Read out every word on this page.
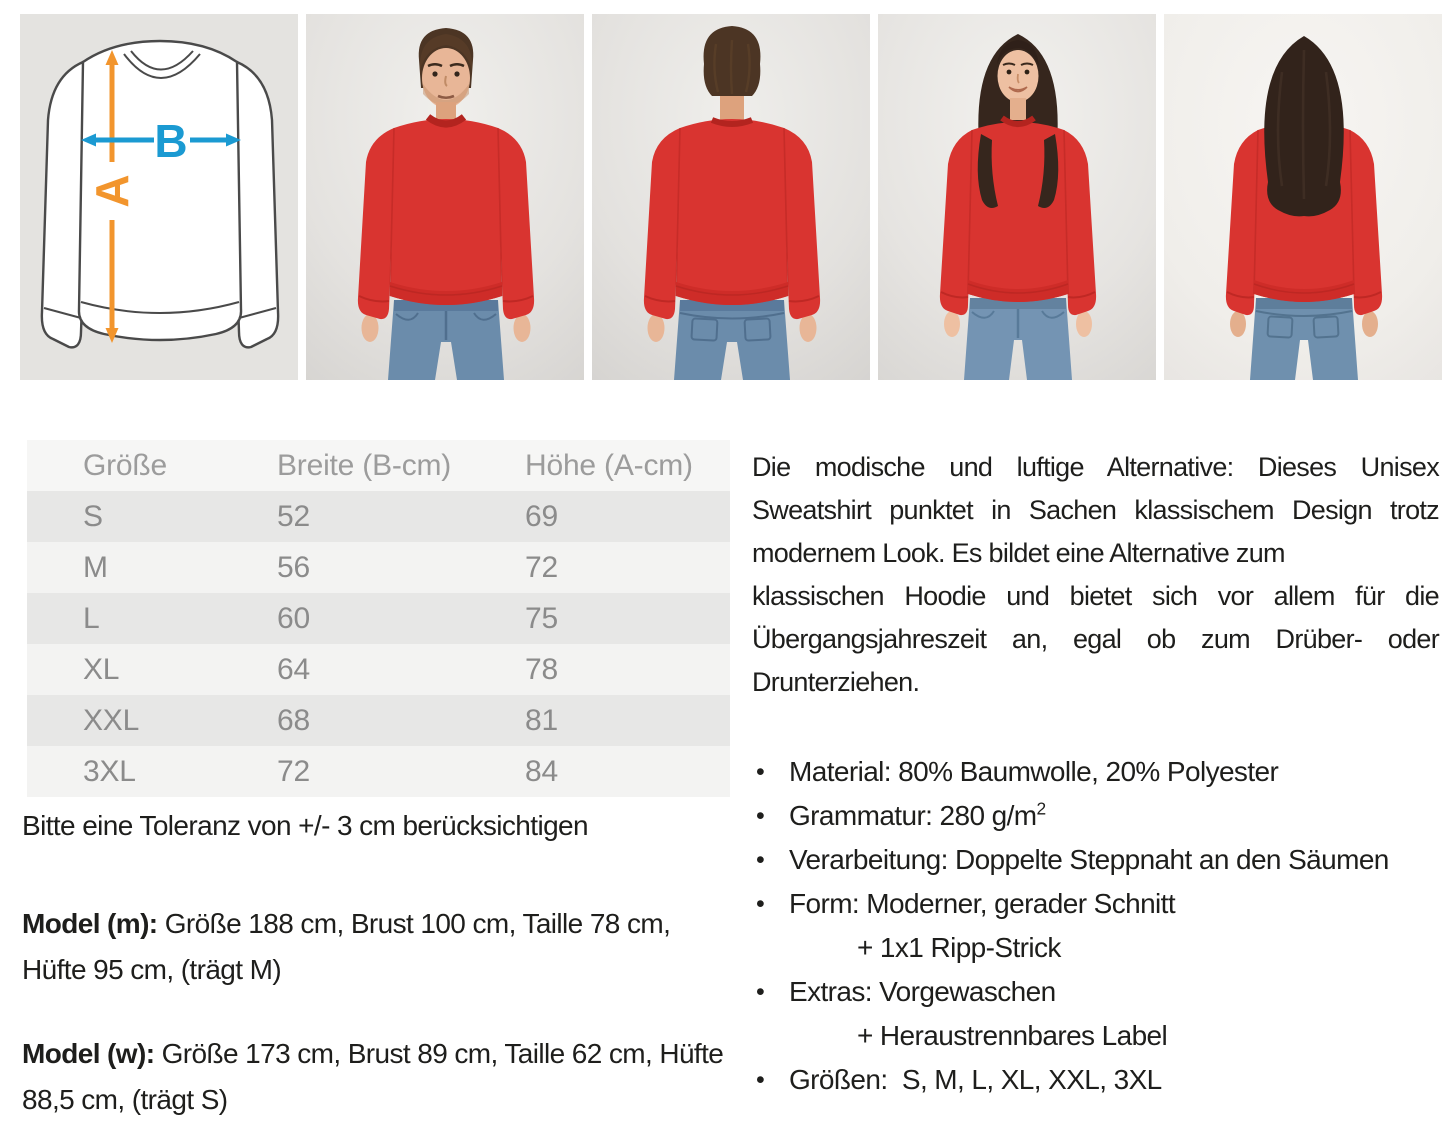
A
B
Größe	Breite (B-cm)	Höhe (A-cm)
S	52	69
M	56	72
L	60	75
XL	64	78
XXL	68	81
3XL	72	84
Bitte eine Toleranz von +/- 3 cm berücksichtigen
Model (m): Größe 188 cm, Brust 100 cm, Taille 78 cm, Hüfte 95 cm, (trägt M)
Model (w): Größe 173 cm, Brust 89 cm, Taille 62 cm, Hüfte 88,5 cm, (trägt S)

Die modische und luftige Alternative: Dieses Unisex Sweatshirt punktet in Sachen klassischem Design trotz modernem Look. Es bildet eine Alternative zum

klassischen Hoodie und bietet sich vor allem für die Übergangsjahreszeit an, egal ob zum Drüber- oder Drunterziehen.

• Material: 80% Baumwolle, 20% Polyester
• Grammatur: 280 $g/m^2$
• Verarbeitung: Doppelte Steppnaht an den Säumen
• Form: Moderner, gerader Schnitt
+ 1x1 Ripp-Strick
• Extras: Vorgewaschen
+ Heraustrennbares Label
• Größen:  S, M, L, XL, XXL, 3XL
